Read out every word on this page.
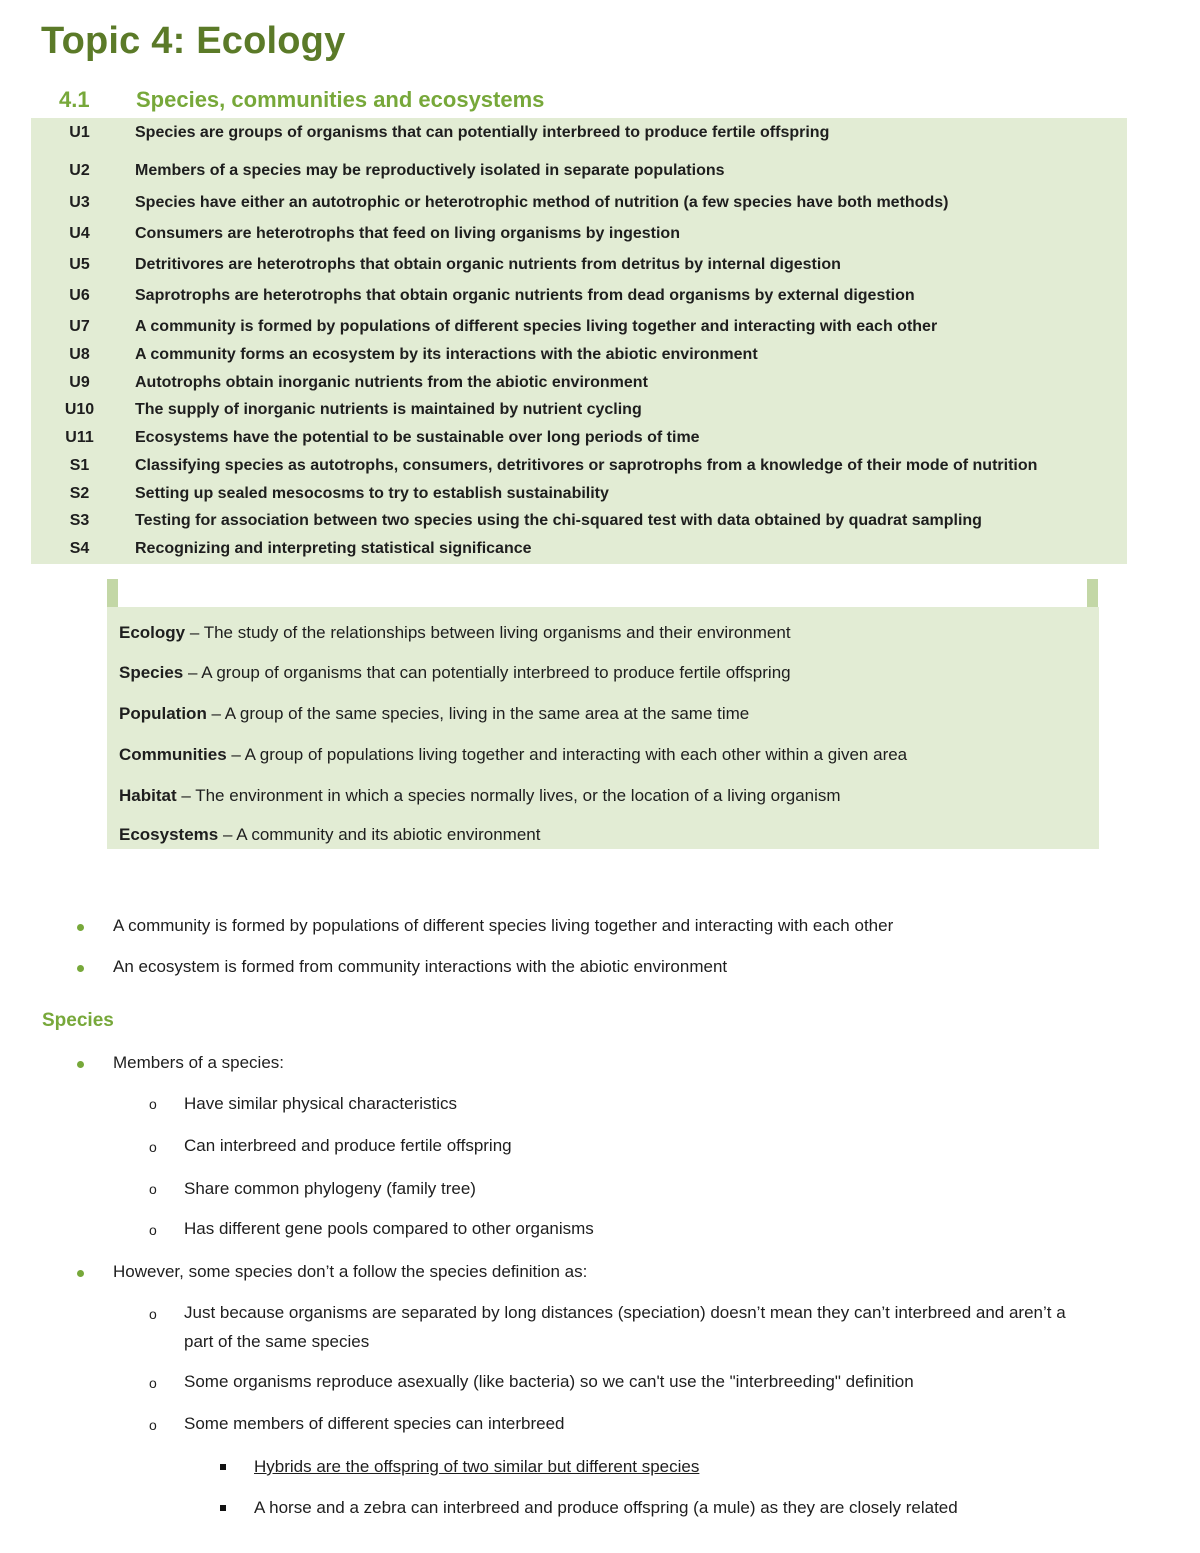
Topic 4: Ecology
4.1 Species, communities and ecosystems
U1	Species are groups of organisms that can potentially interbreed to produce fertile offspring
U2	Members of a species may be reproductively isolated in separate populations
U3	Species have either an autotrophic or heterotrophic method of nutrition (a few species have both methods)
U4	Consumers are heterotrophs that feed on living organisms by ingestion
U5	Detritivores are heterotrophs that obtain organic nutrients from detritus by internal digestion
U6	Saprotrophs are heterotrophs that obtain organic nutrients from dead organisms by external digestion
U7	A community is formed by populations of different species living together and interacting with each other
U8	A community forms an ecosystem by its interactions with the abiotic environment
U9	Autotrophs obtain inorganic nutrients from the abiotic environment
U10	The supply of inorganic nutrients is maintained by nutrient cycling
U11	Ecosystems have the potential to be sustainable over long periods of time
S1	Classifying species as autotrophs, consumers, detritivores or saprotrophs from a knowledge of their mode of nutrition
S2	Setting up sealed mesocosms to try to establish sustainability
S3	Testing for association between two species using the chi-squared test with data obtained by quadrat sampling
S4	Recognizing and interpreting statistical significance
Ecology – The study of the relationships between living organisms and their environment
Species – A group of organisms that can potentially interbreed to produce fertile offspring
Population – A group of the same species, living in the same area at the same time
Communities – A group of populations living together and interacting with each other within a given area
Habitat – The environment in which a species normally lives, or the location of a living organism
Ecosystems – A community and its abiotic environment
A community is formed by populations of different species living together and interacting with each other
An ecosystem is formed from community interactions with the abiotic environment
Species
Members of a species:
o Have similar physical characteristics
o Can interbreed and produce fertile offspring
o Share common phylogeny (family tree)
o Has different gene pools compared to other organisms
However, some species don’t a follow the species definition as:
o Just because organisms are separated by long distances (speciation) doesn’t mean they can’t interbreed and aren’t a
part of the same species
o Some organisms reproduce asexually (like bacteria) so we can't use the "interbreeding" definition
o Some members of different species can interbreed
Hybrids are the offspring of two similar but different species
A horse and a zebra can interbreed and produce offspring (a mule) as they are closely related
